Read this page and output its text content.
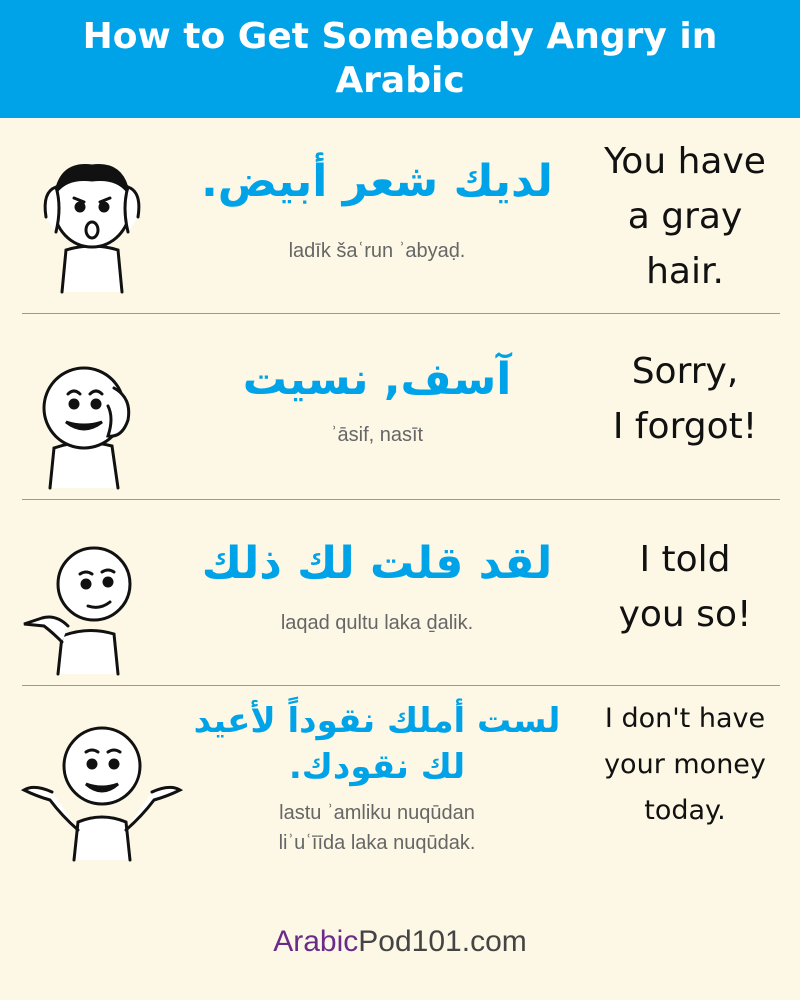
How to Get Somebody Angry in Arabic
لديك شعر أبيض.
ladīk šaʿrun ʾabyaḍ.
You have
a gray
hair.
آسف, نسيت
ʾāsif, nasīt
Sorry,
I forgot!
لقد قلت لك ذلك
laqad qultu laka ḏalik.
I told
you so!
لست أملك نقوداً لأعيد
لك نقودك.
lastu ʾamliku nuqūdan
liʾuʿīīda laka nuqūdak.
I don't have
your money
today.
ArabicPod101.com
